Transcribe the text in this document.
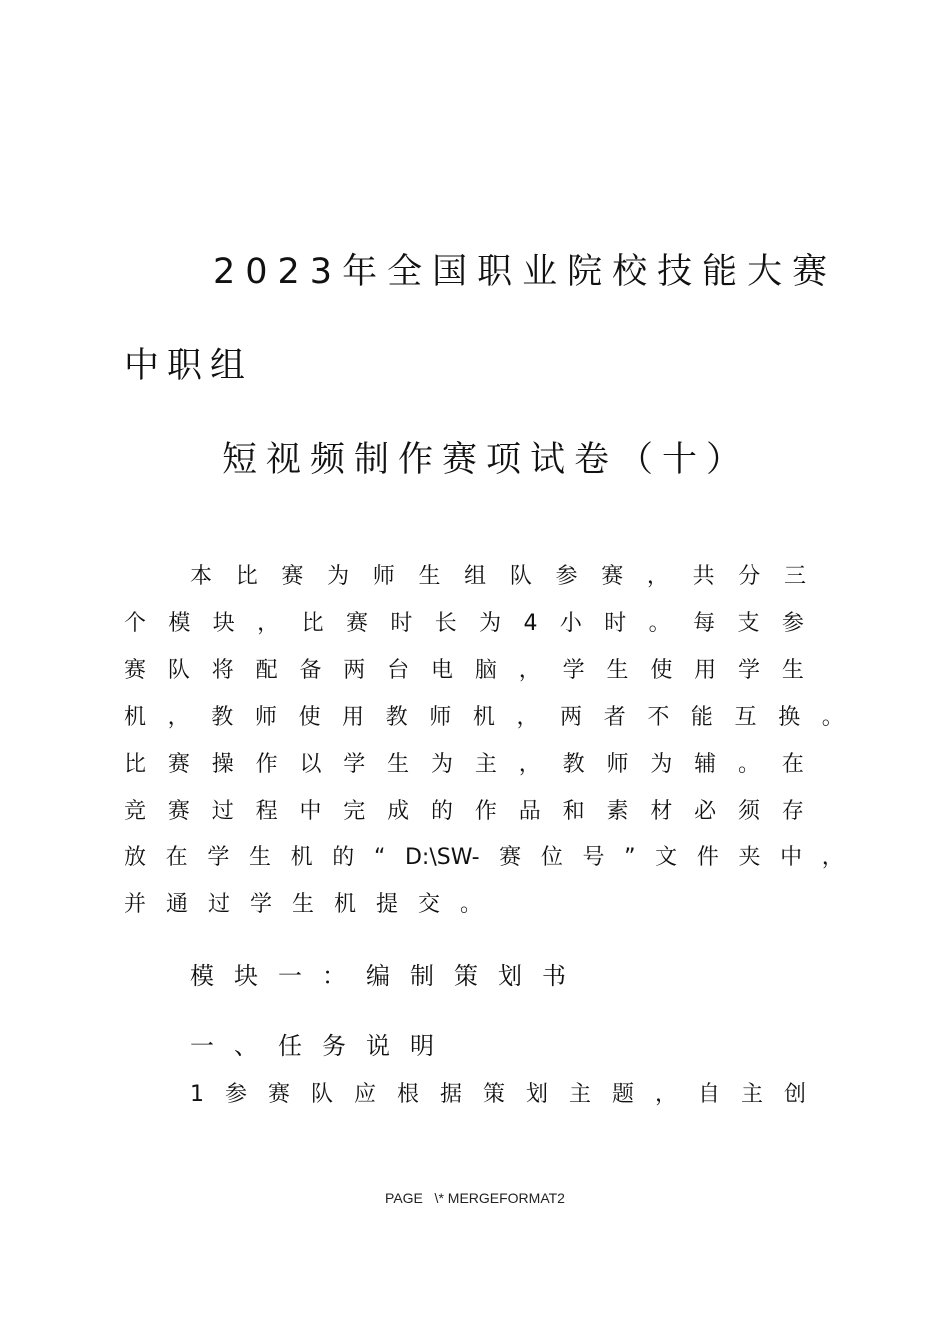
2023年全国职业院校技能大赛
中职组
短视频制作赛项试卷（十）
本 比 赛 为 师 生 组 队 参 赛 ， 共 分 三
个 模 块 ， 比 赛 时 长 为 4 小 时 。 每 支 参
赛 队 将 配 备 两 台 电 脑 ， 学 生 使 用 学 生
机 ， 教 师 使 用 教 师 机 ， 两 者 不 能 互 换 。
比 赛 操 作 以 学 生 为 主 ， 教 师 为 辅 。 在
竞 赛 过 程 中 完 成 的 作 品 和 素 材 必 须 存
放 在 学 生 机 的 “ D:\SW- 赛 位 号 ” 文 件 夹 中 ，
并通过学生机提交。
模块一：编制策划书
一、任务说明
1 参 赛 队 应 根 据 策 划 主 题 ， 自 主 创
PAGE   \* MERGEFORMAT2
